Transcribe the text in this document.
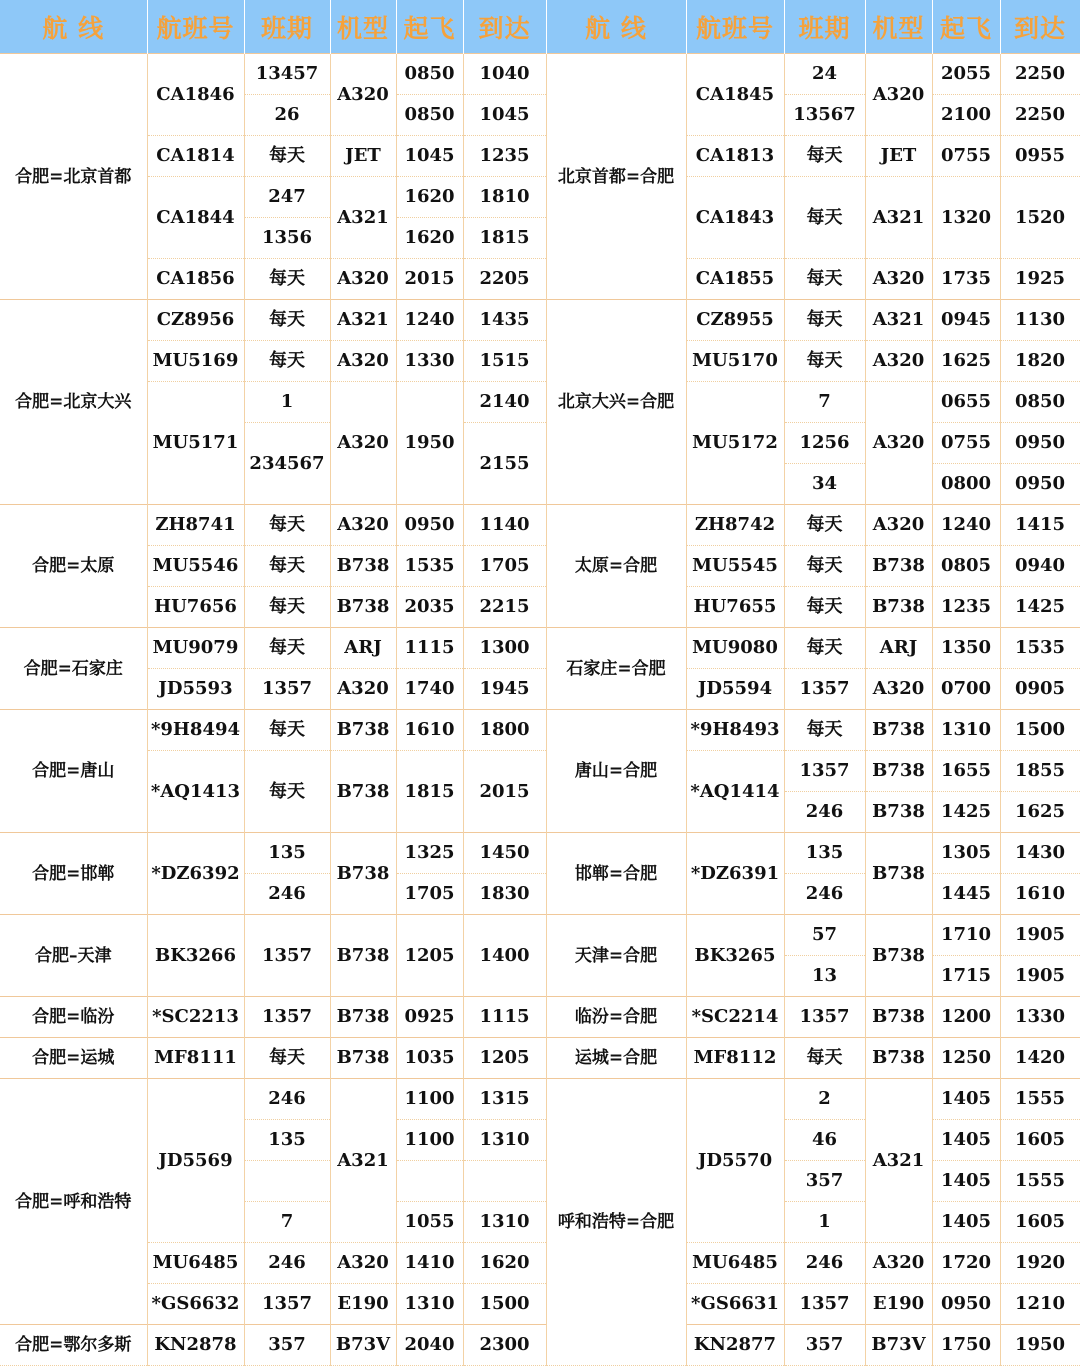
航 线	航班号	班期	机型	起飞	到达	航 线	航班号	班期	机型	起飞	到达
合肥=北京首都	CA1846	13457	A320	0850	1040	北京首都=合肥	CA1845	24	A320	2055	2250
		26		0850	1045			13567		2100	2250
	CA1814	每天	JET	1045	1235		CA1813	每天	JET	0755	0955
	CA1844	247	A321	1620	1810		CA1843	每天	A321	1320	1520
		1356		1620	1815						
	CA1856	每天	A320	2015	2205		CA1855	每天	A320	1735	1925
合肥=北京大兴	CZ8956	每天	A321	1240	1435	北京大兴=合肥	CZ8955	每天	A321	0945	1130
	MU5169	每天	A320	1330	1515		MU5170	每天	A320	1625	1820
	MU5171	1	A320	1950	2140		MU5172	7	A320	0655	0850
		234567			2155			1256		0755	0950
								34		0800	0950
合肥=太原	ZH8741	每天	A320	0950	1140	太原=合肥	ZH8742	每天	A320	1240	1415
	MU5546	每天	B738	1535	1705		MU5545	每天	B738	0805	0940
	HU7656	每天	B738	2035	2215		HU7655	每天	B738	1235	1425
合肥=石家庄	MU9079	每天	ARJ	1115	1300	石家庄=合肥	MU9080	每天	ARJ	1350	1535
	JD5593	1357	A320	1740	1945		JD5594	1357	A320	0700	0905
合肥=唐山	*9H8494	每天	B738	1610	1800	唐山=合肥	*9H8493	每天	B738	1310	1500
	*AQ1413	每天	B738	1815	2015		*AQ1414	1357	B738	1655	1855
								246	B738	1425	1625
合肥=邯郸	*DZ6392	135	B738	1325	1450	邯郸=合肥	*DZ6391	135	B738	1305	1430
		246		1705	1830			246		1445	1610
合肥–天津	BK3266	1357	B738	1205	1400	天津=合肥	BK3265	57	B738	1710	1905
								13		1715	1905
合肥=临汾	*SC2213	1357	B738	0925	1115	临汾=合肥	*SC2214	1357	B738	1200	1330
合肥=运城	MF8111	每天	B738	1035	1205	运城=合肥	MF8112	每天	B738	1250	1420
合肥=呼和浩特	JD5569	246	A321	1100	1315	呼和浩特=合肥	JD5570	2	A321	1405	1555
		135		1100	1310			46		1405	1605
								357		1405	1555
		7		1055	1310			1		1405	1605
	MU6485	246	A320	1410	1620		MU6485	246	A320	1720	1920
	*GS6632	1357	E190	1310	1500		*GS6631	1357	E190	0950	1210
合肥=鄂尔多斯	KN2878	357	B73V	2040	2300		KN2877	357	B73V	1750	1950
